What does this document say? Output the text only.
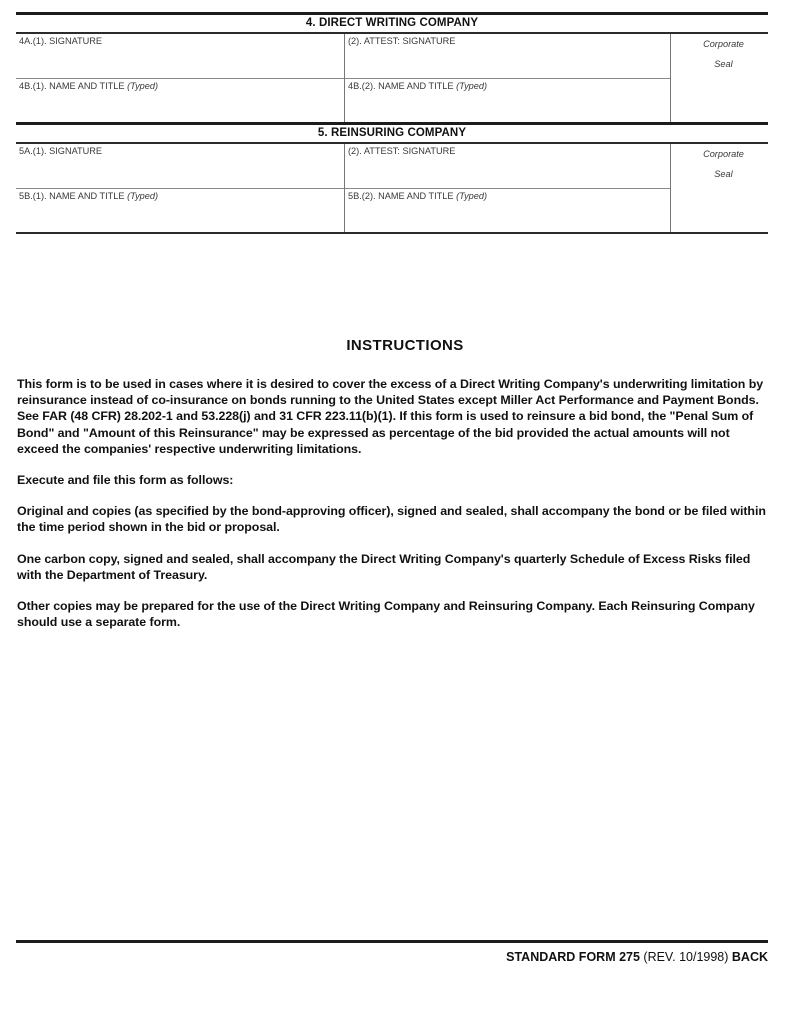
4. DIRECT WRITING COMPANY
4A.(1). SIGNATURE	(2). ATTEST: SIGNATURE	Corporate
Seal

4B.(1). NAME AND TITLE (Typed)	4B.(2). NAME AND TITLE (Typed)	
5. REINSURING COMPANY
5A.(1). SIGNATURE	(2). ATTEST: SIGNATURE	Corporate
Seal

5B.(1). NAME AND TITLE (Typed)	5B.(2). NAME AND TITLE (Typed)	
INSTRUCTIONS

This form is to be used in cases where it is desired to cover the excess of a Direct Writing Company's underwriting limitation by reinsurance instead of co-insurance on bonds running to the United States except Miller Act Performance and Payment Bonds. See FAR (48 CFR) 28.202-1 and 53.228(j) and 31 CFR 223.11(b)(1). If this form is used to reinsure a bid bond, the "Penal Sum of Bond" and "Amount of this Reinsurance" may be expressed as percentage of the bid provided the actual amounts will not exceed the companies' respective underwriting limitations.

Execute and file this form as follows:

Original and copies (as specified by the bond-approving officer), signed and sealed, shall accompany the bond or be filed within the time period shown in the bid or proposal.

One carbon copy, signed and sealed, shall accompany the Direct Writing Company's quarterly Schedule of Excess Risks filed with the Department of Treasury.

Other copies may be prepared for the use of the Direct Writing Company and Reinsuring Company. Each Reinsuring Company should use a separate form.

STANDARD FORM 275 (REV. 10/1998) BACK
